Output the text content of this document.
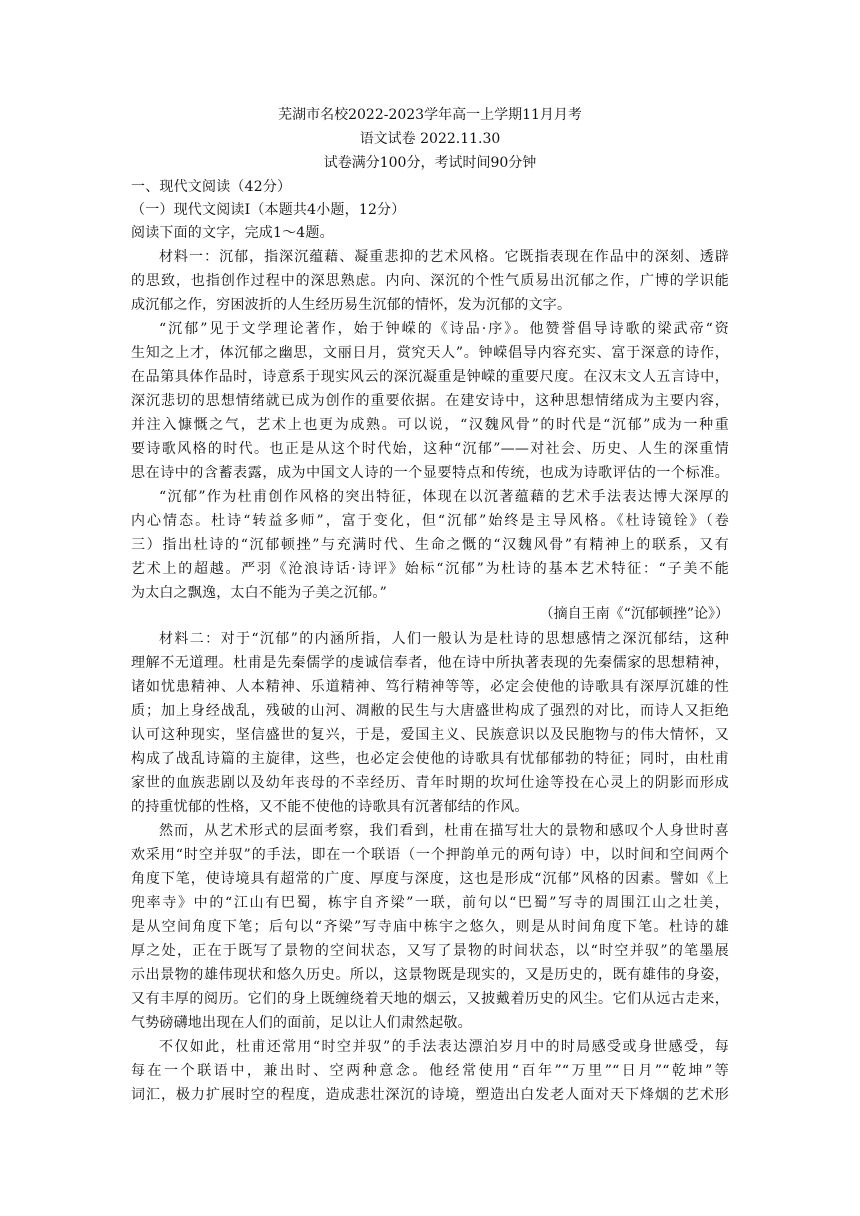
芜湖市名校2022-2023学年高一上学期11月月考
语文试卷 2022.11.30
试卷满分100分，考试时间90分钟
一、现代文阅读（42分）
（一）现代文阅读Ⅰ（本题共4小题，12分）
阅读下面的文字，完成1～4题。
材料一：沉郁，指深沉蕴藉、凝重悲抑的艺术风格。它既指表现在作品中的深刻、透辟
的思致，也指创作过程中的深思熟虑。内向、深沉的个性气质易出沉郁之作，广博的学识能
成沉郁之作，穷困波折的人生经历易生沉郁的情怀，发为沉郁的文字。
“沉郁”见于文学理论著作，始于钟嵘的《诗品·序》。他赞誉倡导诗歌的梁武帝“资
生知之上才，体沉郁之幽思，文丽日月，赏究天人”。钟嵘倡导内容充实、富于深意的诗作，
在品第具体作品时，诗意系于现实风云的深沉凝重是钟嵘的重要尺度。在汉末文人五言诗中，
深沉悲切的思想情绪就已成为创作的重要依据。在建安诗中，这种思想情绪成为主要内容，
并注入慷慨之气，艺术上也更为成熟。可以说，“汉魏风骨”的时代是“沉郁”成为一种重
要诗歌风格的时代。也正是从这个时代始，这种“沉郁”——对社会、历史、人生的深重情
思在诗中的含蓄表露，成为中国文人诗的一个显要特点和传统，也成为诗歌评估的一个标准。
“沉郁”作为杜甫创作风格的突出特征，体现在以沉著蕴藉的艺术手法表达博大深厚的
内心情态。杜诗“转益多师”，富于变化，但“沉郁”始终是主导风格。《杜诗镜铨》（卷
三）指出杜诗的“沉郁顿挫”与充满时代、生命之慨的“汉魏风骨”有精神上的联系，又有
艺术上的超越。严羽《沧浪诗话·诗评》始标“沉郁”为杜诗的基本艺术特征：“子美不能
为太白之飘逸，太白不能为子美之沉郁。”
（摘自王南《“沉郁顿挫”论》）
材料二：对于“沉郁”的内涵所指，人们一般认为是杜诗的思想感情之深沉郁结，这种
理解不无道理。杜甫是先秦儒学的虔诚信奉者，他在诗中所执著表现的先秦儒家的思想精神，
诸如忧患精神、人本精神、乐道精神、笃行精神等等，必定会使他的诗歌具有深厚沉雄的性
质；加上身经战乱，残破的山河、凋敝的民生与大唐盛世构成了强烈的对比，而诗人又拒绝
认可这种现实，坚信盛世的复兴，于是，爱国主义、民族意识以及民胞物与的伟大情怀，又
构成了战乱诗篇的主旋律，这些，也必定会使他的诗歌具有忧郁郁勃的特征；同时，由杜甫
家世的血族悲剧以及幼年丧母的不幸经历、青年时期的坎坷仕途等投在心灵上的阴影而形成
的持重忧郁的性格，又不能不使他的诗歌具有沉著郁结的作风。
然而，从艺术形式的层面考察，我们看到，杜甫在描写壮大的景物和感叹个人身世时喜
欢采用“时空并驭”的手法，即在一个联语（一个押韵单元的两句诗）中，以时间和空间两个
角度下笔，使诗境具有超常的广度、厚度与深度，这也是形成“沉郁”风格的因素。譬如《上
兜率寺》中的“江山有巴蜀，栋宇自齐梁”一联，前句以“巴蜀”写寺的周围江山之壮美，
是从空间角度下笔；后句以“齐梁”写寺庙中栋宇之悠久，则是从时间角度下笔。杜诗的雄
厚之处，正在于既写了景物的空间状态，又写了景物的时间状态，以“时空并驭”的笔墨展
示出景物的雄伟现状和悠久历史。所以，这景物既是现实的，又是历史的，既有雄伟的身姿，
又有丰厚的阅历。它们的身上既缠绕着天地的烟云，又披戴着历史的风尘。它们从远古走来，
气势磅礴地出现在人们的面前，足以让人们肃然起敬。
不仅如此，杜甫还常用“时空并驭”的手法表达漂泊岁月中的时局感受或身世感受，每
每在一个联语中，兼出时、空两种意念。他经常使用“百年”“万里”“日月”“乾坤”等
词汇，极力扩展时空的程度，造成悲壮深沉的诗境，塑造出白发老人面对天下烽烟的艺术形
